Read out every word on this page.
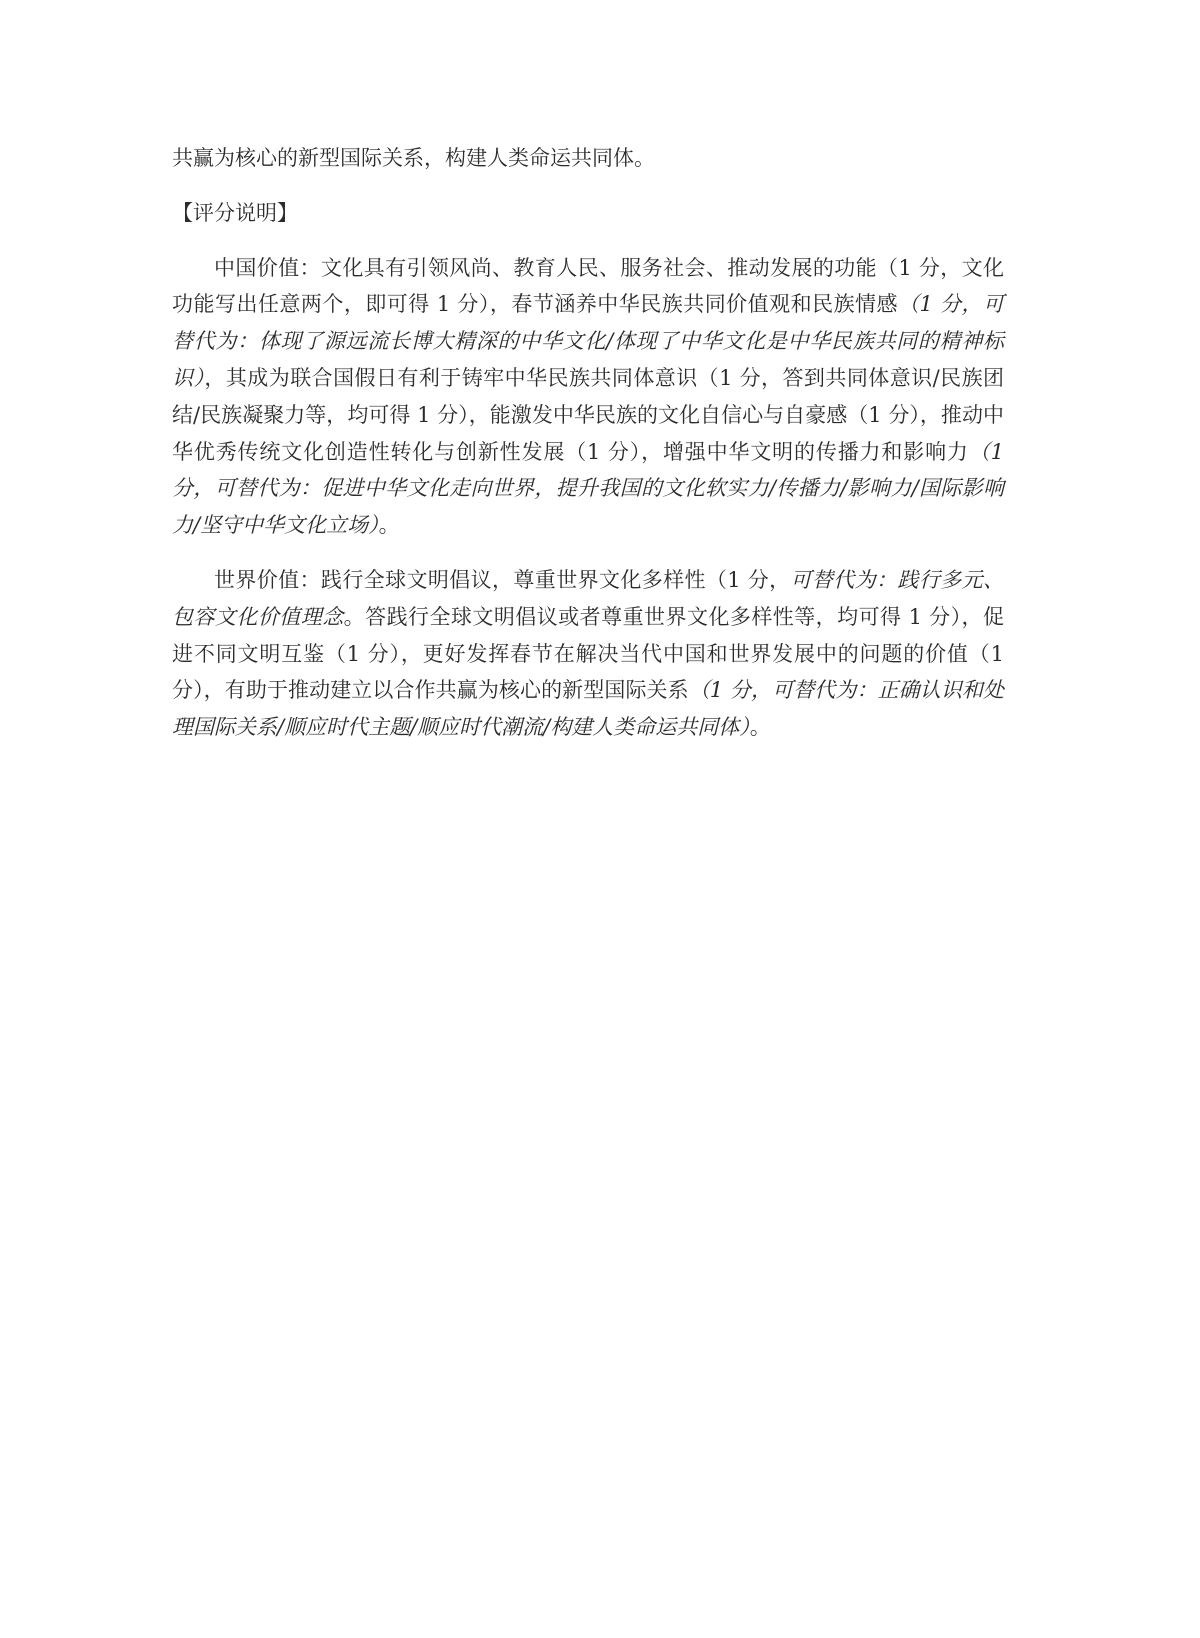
共赢为核心的新型国际关系，构建人类命运共同体。

【评分说明】

中国价值：文化具有引领风尚、教育人民、服务社会、推动发展的功能（1 分，文化功能写出任意两个，即可得 1 分），春节涵养中华民族共同价值观和民族情感（1 分，可替代为：体现了源远流长博大精深的中华文化/体现了中华文化是中华民族共同的精神标识），其成为联合国假日有利于铸牢中华民族共同体意识（1 分，答到共同体意识/民族团结/民族凝聚力等，均可得 1 分），能激发中华民族的文化自信心与自豪感（1 分），推动中华优秀传统文化创造性转化与创新性发展（1 分），增强中华文明的传播力和影响力（1 分，可替代为：促进中华文化走向世界，提升我国的文化软实力/传播力/影响力/国际影响力/坚守中华文化立场）。

世界价值：践行全球文明倡议，尊重世界文化多样性（1 分，可替代为：践行多元、包容文化价值理念。答践行全球文明倡议或者尊重世界文化多样性等，均可得 1 分），促进不同文明互鉴（1 分），更好发挥春节在解决当代中国和世界发展中的问题的价值（1 分），有助于推动建立以合作共赢为核心的新型国际关系（1 分，可替代为：正确认识和处理国际关系/顺应时代主题/顺应时代潮流/构建人类命运共同体）。
